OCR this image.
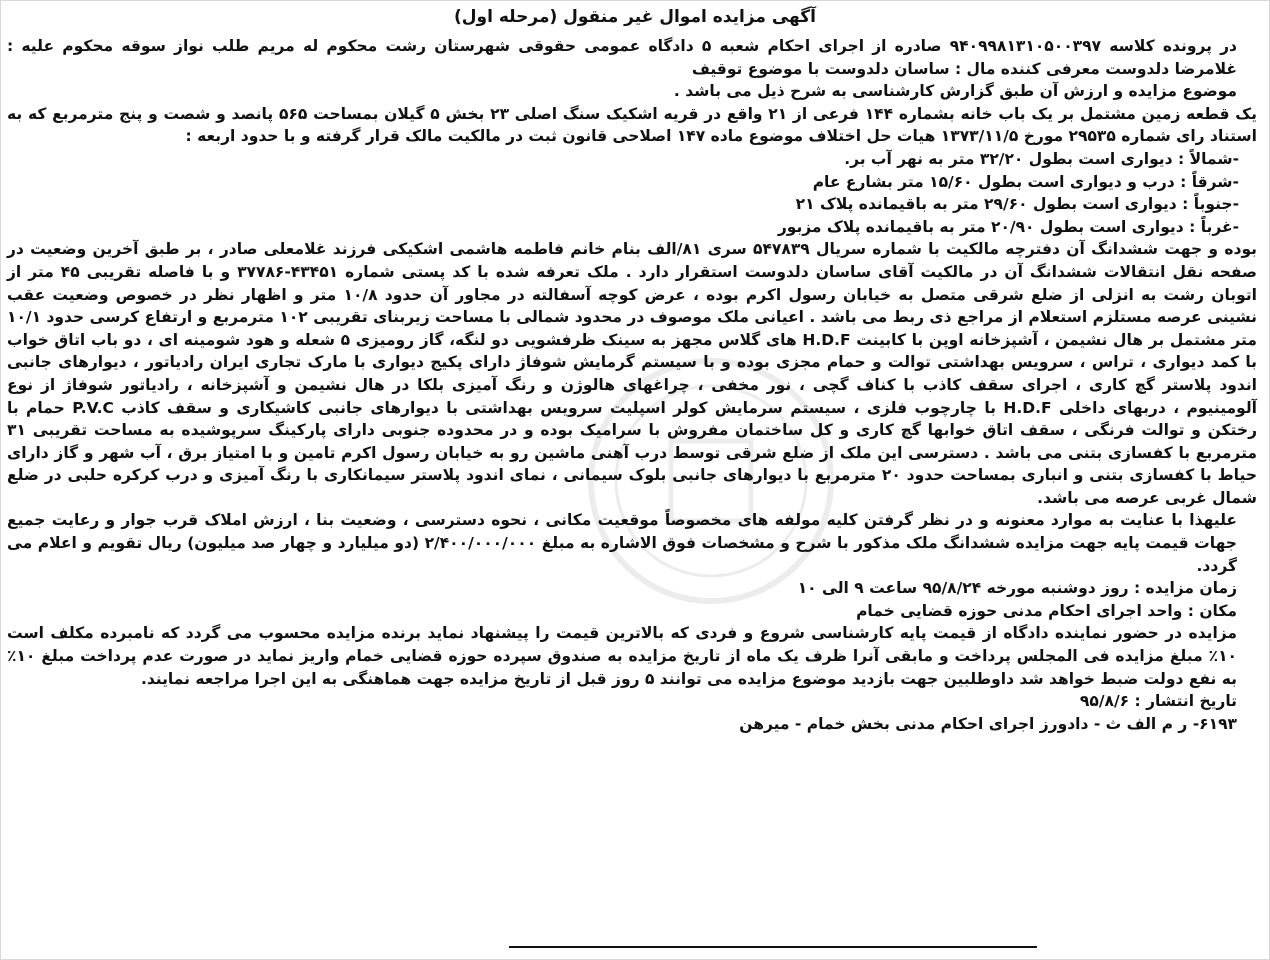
آگهی مزایده اموال غیر منقول (مرحله اول)
در پرونده کلاسه ۹۴۰۹۹۸۱۳۱۰۵۰۰۳۹۷ صادره از اجرای احکام شعبه ۵ دادگاه عمومی حقوقی شهرستان رشت محکوم له مریم طلب نواز سوقه محکوم علیه : غلامرضا دلدوست معرفی کننده مال : ساسان دلدوست با موضوع توقیف
موضوع مزایده و ارزش آن طبق گزارش کارشناسی به شرح ذیل می باشد .
یک قطعه زمین مشتمل بر یک باب خانه بشماره ۱۴۴ فرعی از ۲۱ واقع در قریه اشکیک سنگ اصلی ۲۳ بخش ۵ گیلان بمساحت ۵۶۵ پانصد و شصت و پنج مترمربع که به استناد رای شماره ۲۹۵۳۵ مورخ ۱۳۷۳/۱۱/۵ هیات حل اختلاف موضوع ماده ۱۴۷ اصلاحی قانون ثبت در مالکیت مالک قرار گرفته و با حدود اربعه :
-شمالاً : دیواری است بطول ۳۲/۲۰ متر به نهر آب بر.
-شرقاً : درب و دیواری است بطول ۱۵/۶۰ متر بشارع عام
-جنوباً : دیواری است بطول ۲۹/۶۰ متر به باقیمانده پلاک ۲۱
-غرباً : دیواری است بطول ۲۰/۹۰ متر به باقیمانده پلاک مزبور
بوده و جهت ششدانگ آن دفترچه مالکیت با شماره سریال ۵۴۷۸۳۹ سری ۸۱/الف بنام خانم فاطمه هاشمی اشکیکی فرزند غلامعلی صادر ، بر طبق آخرین وضعیت در صفحه نقل انتقالات ششدانگ آن در مالکیت آقای ساسان دلدوست استقرار دارد . ملک تعرفه شده با کد پستی شماره ۴۳۴۵۱-۳۷۷۸۶ و با فاصله تقریبی ۴۵ متر از اتوبان رشت به انزلی از ضلع شرقی متصل به خیابان رسول اکرم بوده ، عرض کوچه آسفالته در مجاور آن حدود ۱۰/۸ متر و اظهار نظر در خصوص وضعیت عقب نشینی عرصه مستلزم استعلام از مراجع ذی ربط می باشد . اعیانی ملک موصوف در محدود شمالی با مساحت زیربنای تقریبی ۱۰۲ مترمربع و ارتفاع کرسی حدود ۱۰/۱ متر مشتمل بر هال نشیمن ، آشپزخانه اوپن با کابینت H.D.F های گلاس مجهز به سینک ظرفشویی دو لنگه، گاز رومیزی ۵ شعله و هود شومینه ای ، دو باب اتاق خواب با کمد دیواری ، تراس ، سرویس بهداشتی توالت و حمام مجزی بوده و با سیستم گرمایش شوفاژ دارای پکیج دیواری با مارک تجاری ایران رادیاتور ، دیوارهای جانبی اندود پلاستر گچ کاری ، اجرای سقف کاذب با کناف گچی ، نور مخفی ، چراغهای هالوژن و رنگ آمیزی بلکا در هال نشیمن و آشپزخانه ، رادیاتور شوفاژ از نوع آلومینیوم ، دربهای داخلی H.D.F با چارچوب فلزی ، سیستم سرمایش کولر اسپلیت سرویس بهداشتی با دیوارهای جانبی کاشیکاری و سقف کاذب P.V.C حمام با رختکن و توالت فرنگی ، سقف اتاق خوابها گچ کاری و کل ساختمان مفروش با سرامیک بوده و در محدوده جنوبی دارای پارکینگ سرپوشیده به مساحت تقریبی ۳۱ مترمربع با کفسازی بتنی می باشد . دسترسی این ملک از ضلع شرقی توسط درب آهنی ماشین رو به خیابان رسول اکرم تامین و با امتیاز برق ، آب شهر و گاز دارای حیاط با کفسازی بتنی و انباری بمساحت حدود ۲۰ مترمربع با دیوارهای جانبی بلوک سیمانی ، نمای اندود پلاستر سیمانکاری با رنگ آمیزی و درب کرکره حلبی در ضلع شمال غربی عرصه می باشد.
علیهذا با عنایت به موارد معنونه و در نظر گرفتن کلیه مولفه های مخصوصاً موقعیت مکانی ، نحوه دسترسی ، وضعیت بنا ، ارزش املاک قرب جوار و رعایت جمیع جهات قیمت پایه جهت مزایده ششدانگ ملک مذکور با شرح و مشخصات فوق الاشاره به مبلغ ۲/۴۰۰/۰۰۰/۰۰۰ (دو میلیارد و چهار صد میلیون) ریال تقویم و اعلام می گردد.
زمان مزایده : روز دوشنبه مورخه ۹۵/۸/۲۴ ساعت ۹ الی ۱۰
مکان : واحد اجرای احکام مدنی حوزه قضایی خمام
مزایده در حضور نماینده دادگاه از قیمت پایه کارشناسی شروع و فردی که بالاترین قیمت را پیشنهاد نماید برنده مزایده محسوب می گردد که نامبرده مکلف است ۱۰٪ مبلغ مزایده فی المجلس پرداخت و مابقی آنرا ظرف یک ماه از تاریخ مزایده به صندوق سپرده حوزه قضایی خمام واریز نماید در صورت عدم پرداخت مبلغ ۱۰٪ به نفع دولت ضبط خواهد شد داوطلبین جهت بازدید موضوع مزایده می توانند ۵ روز قبل از تاریخ مزایده جهت هماهنگی به این اجرا مراجعه نمایند.
تاریخ انتشار : ۹۵/۸/۶
۶۱۹۳- ر م الف ث - دادورز اجرای احکام مدنی بخش خمام - میرهن
